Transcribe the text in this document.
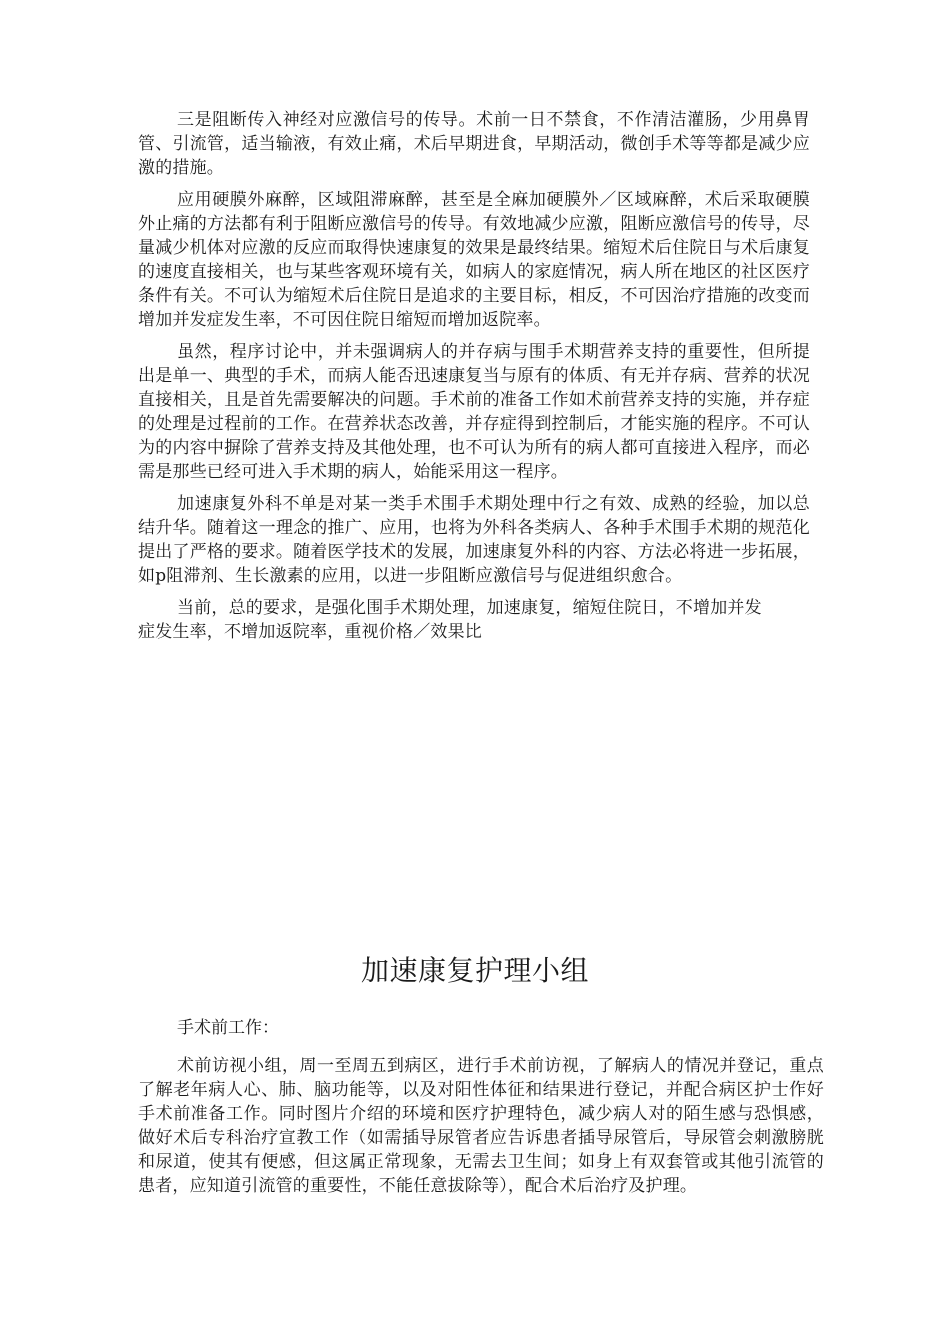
三是阻断传入神经对应激信号的传导。术前一日不禁食，不作清洁灌肠，少用鼻胃管、引流管，适当输液，有效止痛，术后早期进食，早期活动，微创手术等等都是减少应激的措施。

应用硬膜外麻醉，区域阻滞麻醉，甚至是全麻加硬膜外／区域麻醉，术后采取硬膜外止痛的方法都有利于阻断应激信号的传导。有效地减少应激，阻断应激信号的传导，尽量减少机体对应激的反应而取得快速康复的效果是最终结果。缩短术后住院日与术后康复的速度直接相关，也与某些客观环境有关，如病人的家庭情况，病人所在地区的社区医疗条件有关。不可认为缩短术后住院日是追求的主要目标，相反，不可因治疗措施的改变而增加并发症发生率，不可因住院日缩短而增加返院率。

虽然，程序讨论中，并未强调病人的并存病与围手术期营养支持的重要性，但所提出是单一、典型的手术，而病人能否迅速康复当与原有的体质、有无并存病、营养的状况直接相关，且是首先需要解决的问题。手术前的准备工作如术前营养支持的实施，并存症的处理是过程前的工作。在营养状态改善，并存症得到控制后，才能实施的程序。不可认为的内容中摒除了营养支持及其他处理，也不可认为所有的病人都可直接进入程序，而必需是那些已经可进入手术期的病人，始能采用这一程序。

加速康复外科不单是对某一类手术围手术期处理中行之有效、成熟的经验，加以总结升华。随着这一理念的推广、应用，也将为外科各类病人、各种手术围手术期的规范化提出了严格的要求。随着医学技术的发展，加速康复外科的内容、方法必将进一步拓展，如p阻滞剂、生长激素的应用，以进一步阻断应激信号与促进组织愈合。

当前，总的要求，是强化围手术期处理，加速康复，缩短住院日，不增加并发症发生率，不增加返院率，重视价格／效果比

加速康复护理小组

手术前工作：

术前访视小组，周一至周五到病区，进行手术前访视，了解病人的情况并登记，重点了解老年病人心、肺、脑功能等，以及对阳性体征和结果进行登记，并配合病区护士作好手术前准备工作。同时图片介绍的环境和医疗护理特色，减少病人对的陌生感与恐惧感，做好术后专科治疗宣教工作（如需插导尿管者应告诉患者插导尿管后，导尿管会刺激膀胱和尿道，使其有便感，但这属正常现象，无需去卫生间；如身上有双套管或其他引流管的患者，应知道引流管的重要性，不能任意拔除等），配合术后治疗及护理。
